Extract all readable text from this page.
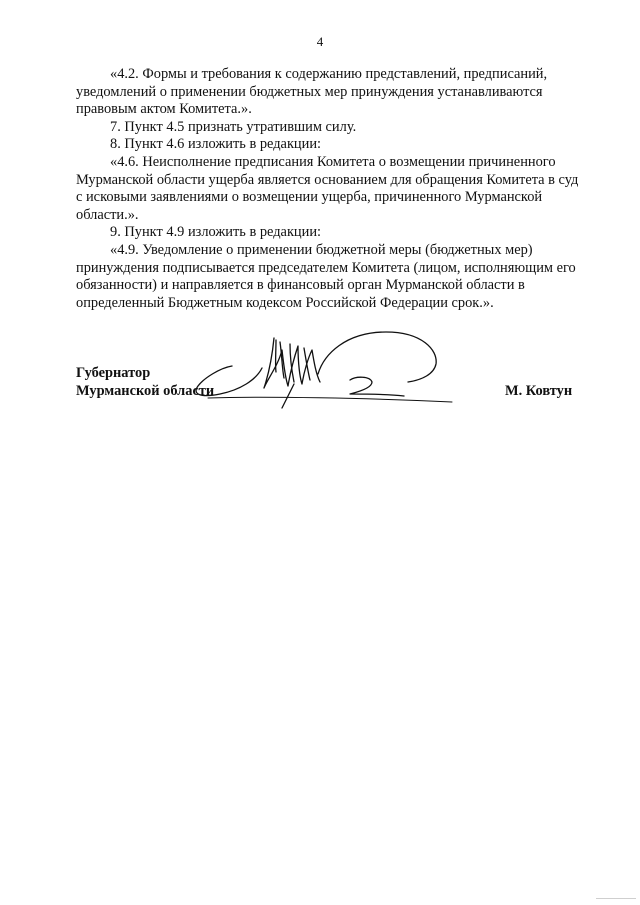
4

«4.2. Формы и требования к содержанию представлений, предписаний, уведомлений о применении бюджетных мер принуждения устанавливаются правовым актом Комитета.».

7. Пункт 4.5 признать утратившим силу.

8. Пункт 4.6 изложить в редакции:

«4.6. Неисполнение предписания Комитета о возмещении причиненного Мурманской области ущерба является основанием для обращения Комитета в суд с исковыми заявлениями о возмещении ущерба, причиненного Мурманской области.».

9. Пункт 4.9 изложить в редакции:

«4.9. Уведомление о применении бюджетной меры (бюджетных мер) принуждения подписывается председателем Комитета (лицом, исполняющим его обязанности) и направляется в финансовый орган Мурманской области в определенный Бюджетным кодексом Российской Федерации срок.».

Губернатор
Мурманской области	М. Ковтун
